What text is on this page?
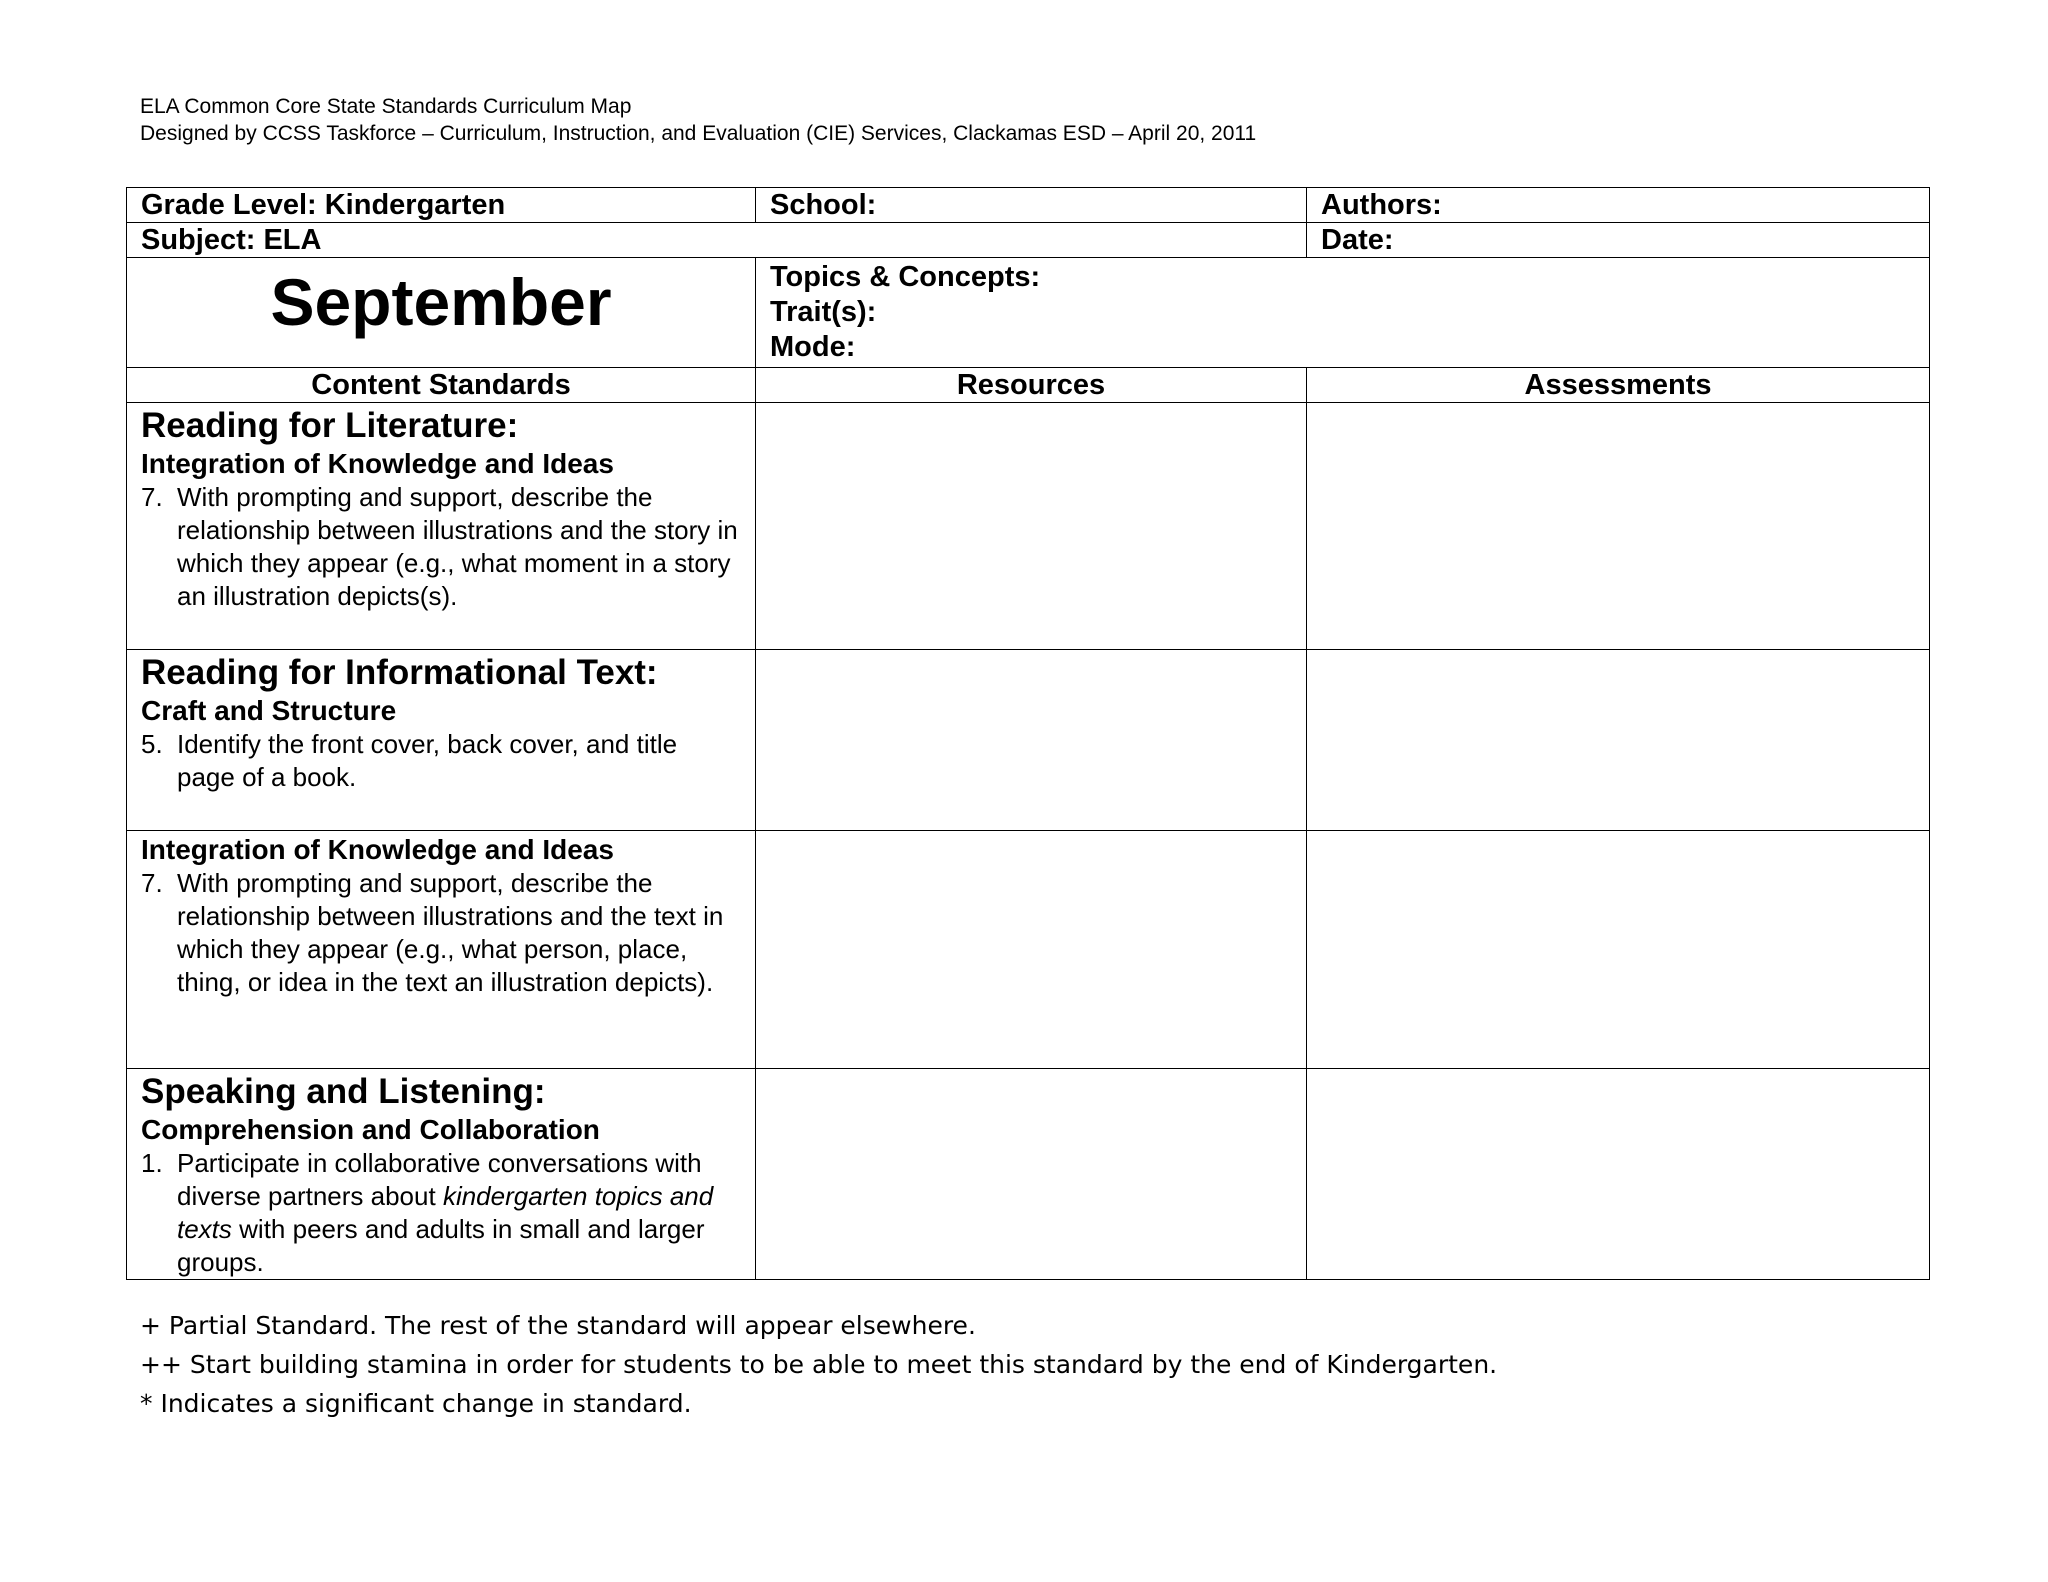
ELA Common Core State Standards Curriculum Map
Designed by CCSS Taskforce – Curriculum, Instruction, and Evaluation (CIE) Services, Clackamas ESD – April 20, 2011
Grade Level: Kindergarten	School:	Authors:
Subject: ELA		Date:
September	Topics & Concepts:
Trait(s):
Mode:	

Content Standards	Resources	Assessments

Reading for Literature:
Integration of Knowledge and Ideas
7. With prompting and support, describe the relationship between illustrations and the story in which they appear (e.g., what moment in a story an illustration depicts(s).		

Reading for Informational Text:
Craft and Structure
5. Identify the front cover, back cover, and title page of a book.		

Integration of Knowledge and Ideas
7. With prompting and support, describe the relationship between illustrations and the text in which they appear (e.g., what person, place, thing, or idea in the text an illustration depicts).		

Speaking and Listening:
Comprehension and Collaboration
1. Participate in collaborative conversations with diverse partners about kindergarten topics and texts with peers and adults in small and larger groups.		

+ Partial Standard. The rest of the standard will appear elsewhere.
++ Start building stamina in order for students to be able to meet this standard by the end of Kindergarten.
* Indicates a significant change in standard.
